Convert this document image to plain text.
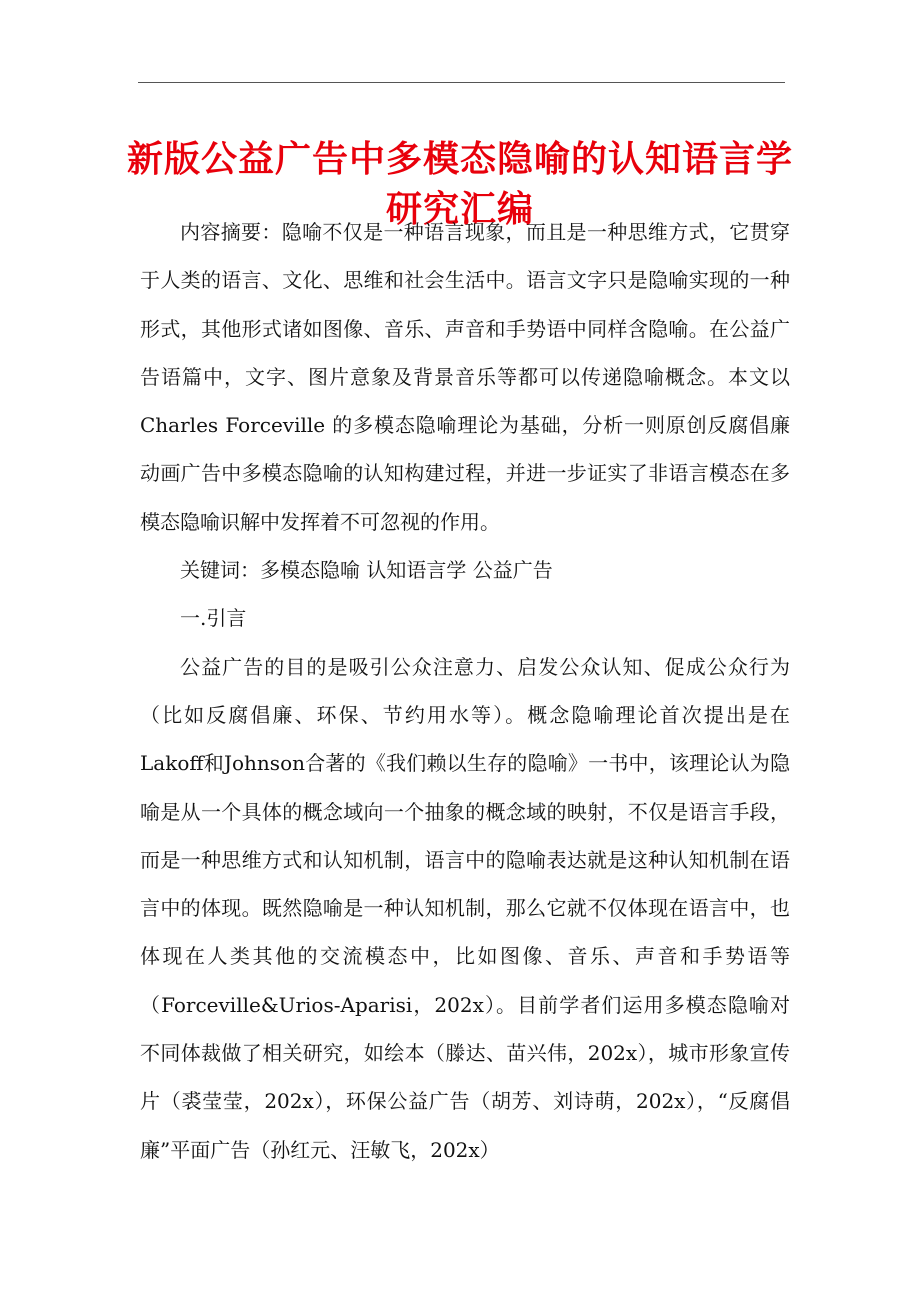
新版公益广告中多模态隐喻的认知语言学研究汇编

内容摘要：隐喻不仅是一种语言现象，而且是一种思维方式，它贯穿于人类的语言、文化、思维和社会生活中。语言文字只是隐喻实现的一种形式，其他形式诸如图像、音乐、声音和手势语中同样含隐喻。在公益广告语篇中，文字、图片意象及背景音乐等都可以传递隐喻概念。本文以Charles Forceville 的多模态隐喻理论为基础，分析一则原创反腐倡廉动画广告中多模态隐喻的认知构建过程，并进一步证实了非语言模态在多模态隐喻识解中发挥着不可忽视的作用。

关键词：多模态隐喻 认知语言学 公益广告

一.引言

公益广告的目的是吸引公众注意力、启发公众认知、促成公众行为（比如反腐倡廉、环保、节约用水等）。概念隐喻理论首次提出是在Lakoff和Johnson合著的《我们赖以生存的隐喻》一书中，该理论认为隐喻是从一个具体的概念域向一个抽象的概念域的映射，不仅是语言手段，而是一种思维方式和认知机制，语言中的隐喻表达就是这种认知机制在语言中的体现。既然隐喻是一种认知机制，那么它就不仅体现在语言中，也体现在人类其他的交流模态中，比如图像、音乐、声音和手势语等（Forceville&Urios-Aparisi，202x）。目前学者们运用多模态隐喻对不同体裁做了相关研究，如绘本（滕达、苗兴伟，202x），城市形象宣传片（裘莹莹，202x），环保公益广告（胡芳、刘诗萌，202x），“反腐倡廉”平面广告（孙红元、汪敏飞，202x）
